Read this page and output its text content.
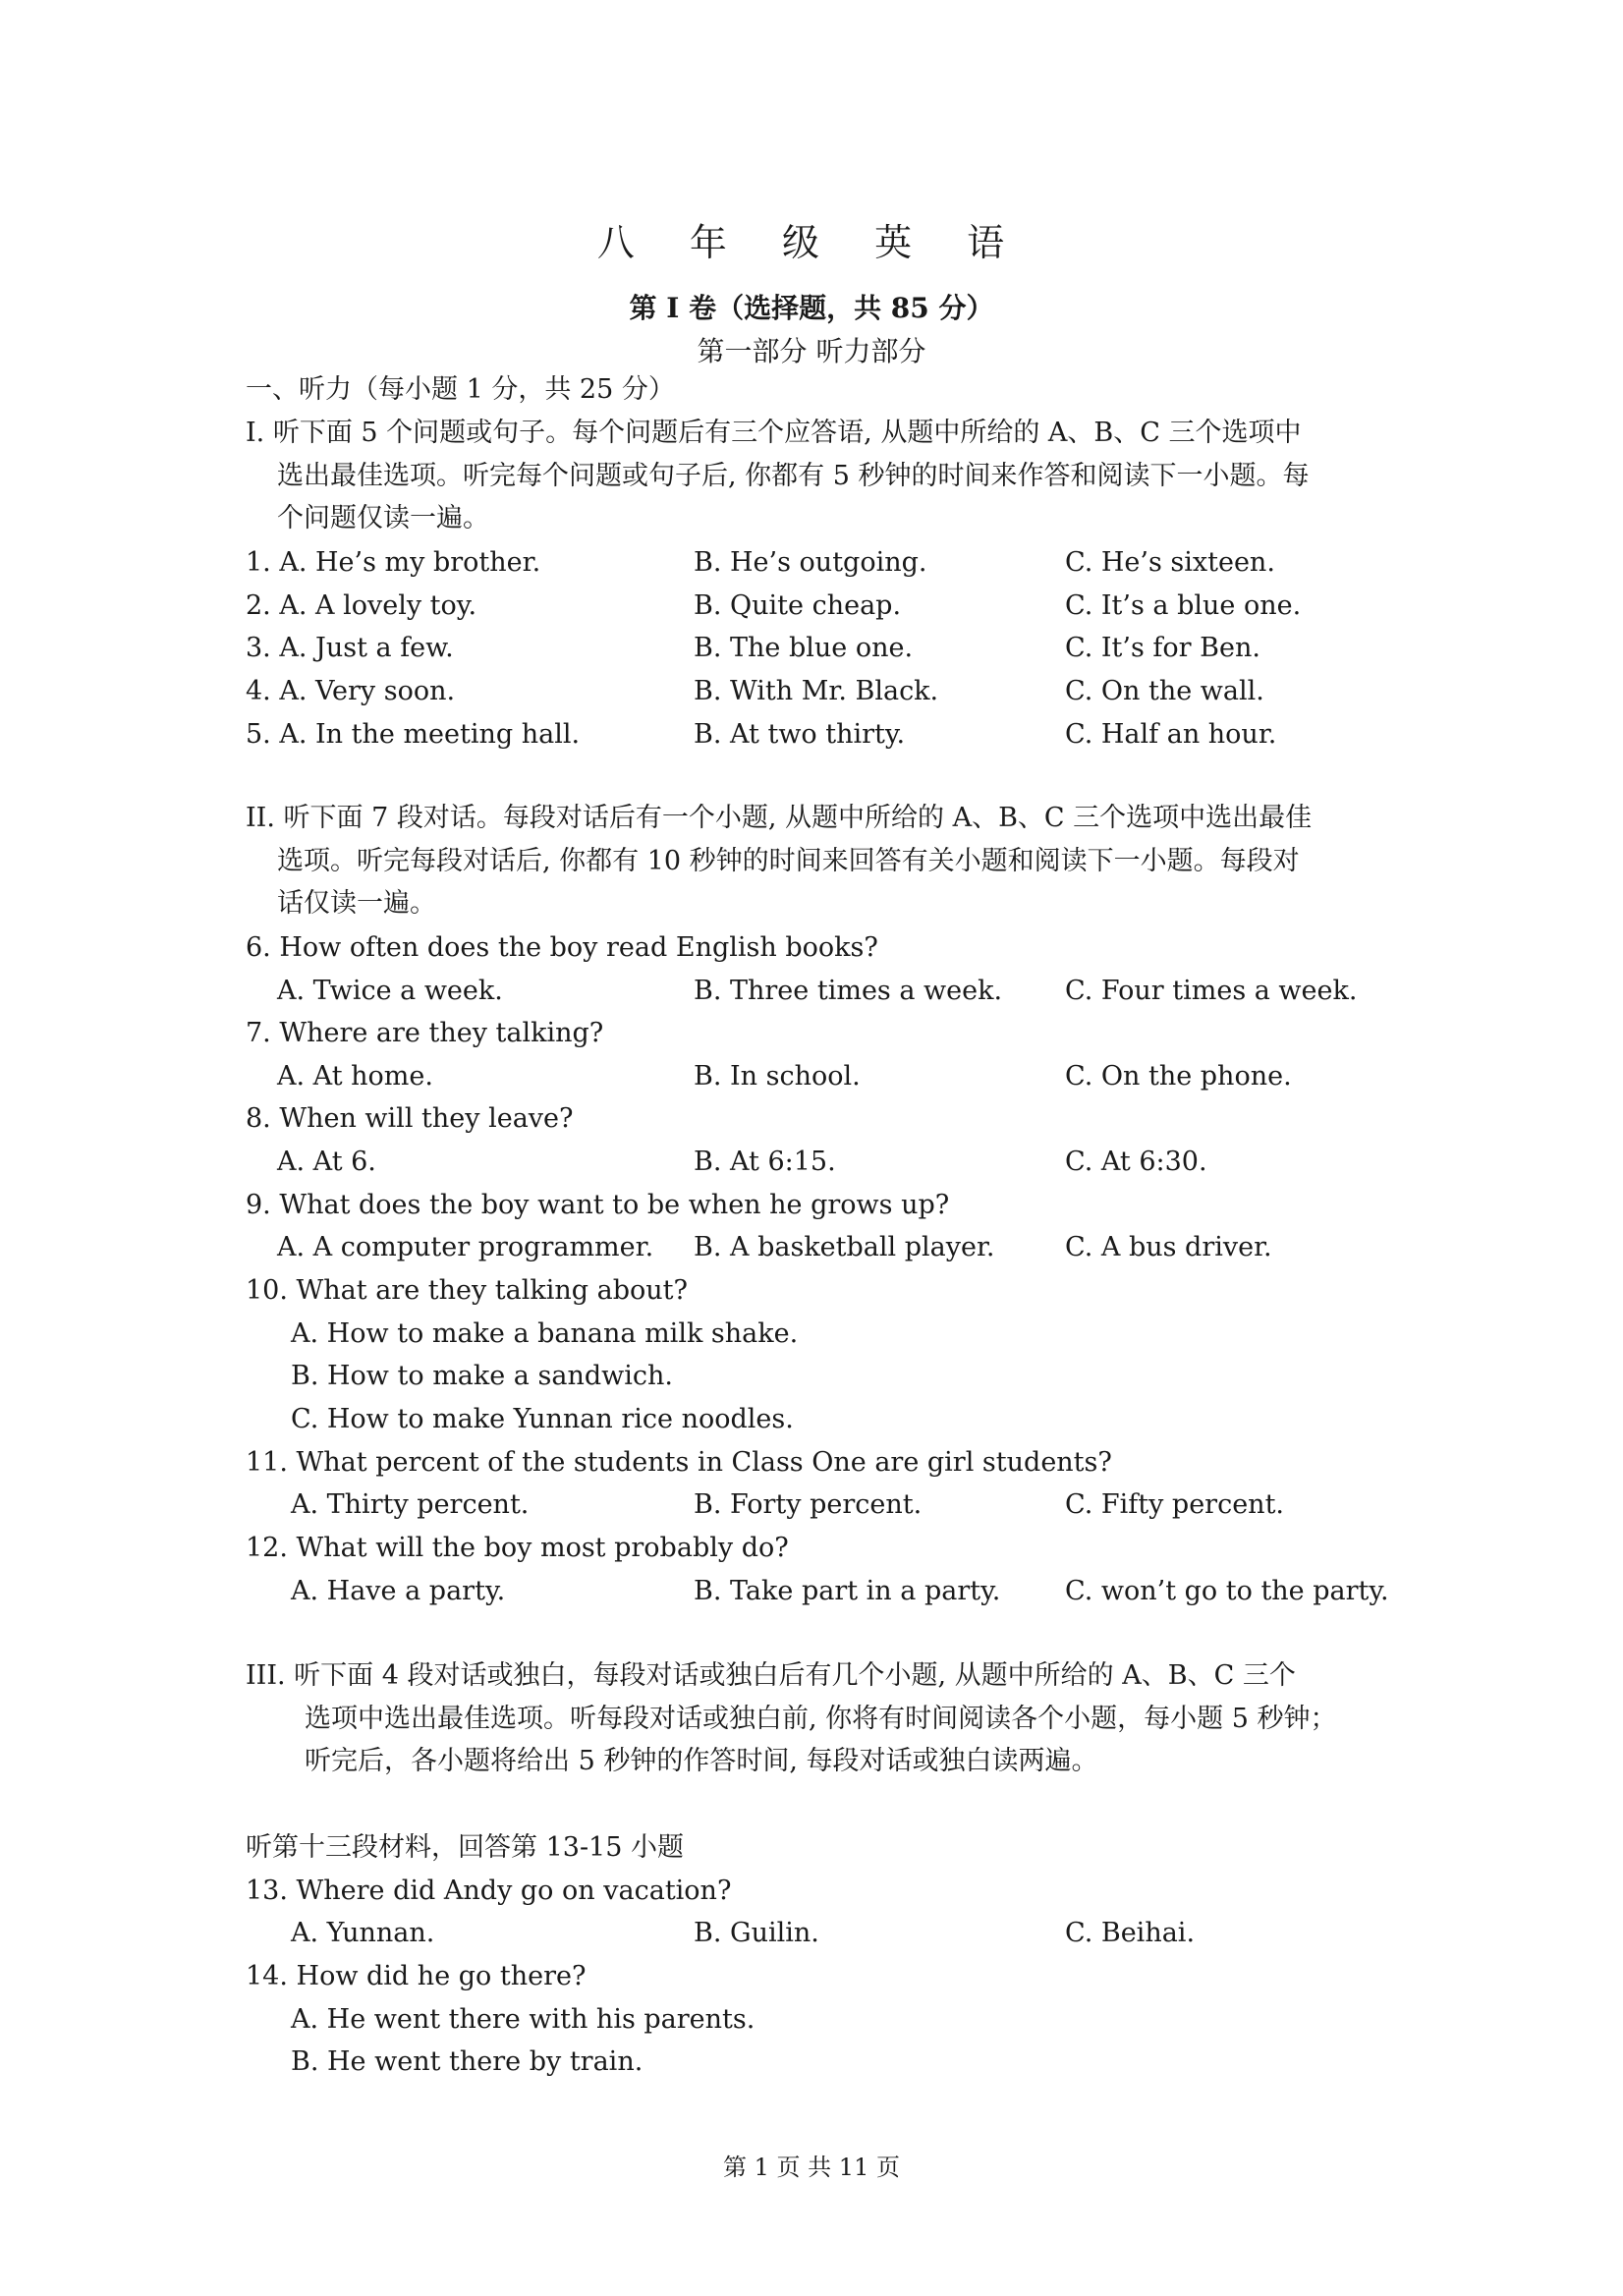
八 年 级 英 语
第 I 卷（选择题，共 85 分）
第一部分 听力部分
一、听力（每小题 1 分，共 25 分）
I. 听下面 5 个问题或句子。每个问题后有三个应答语, 从题中所给的 A、B、C 三个选项中
选出最佳选项。听完每个问题或句子后, 你都有 5 秒钟的时间来作答和阅读下一小题。每
个问题仅读一遍。
1. A. He’s my brother.	B. He’s outgoing.	C. He’s sixteen.
2. A. A lovely toy.	B. Quite cheap.	C. It’s a blue one.
3. A. Just a few.	B. The blue one.	C. It’s for Ben.
4. A. Very soon.	B. With Mr. Black.	C. On the wall.
5. A. In the meeting hall.	B. At two thirty.	C. Half an hour.
II. 听下面 7 段对话。每段对话后有一个小题, 从题中所给的 A、B、C 三个选项中选出最佳
选项。听完每段对话后, 你都有 10 秒钟的时间来回答有关小题和阅读下一小题。每段对
话仅读一遍。
6. How often does the boy read English books?
A. Twice a week.	B. Three times a week. C. Four times a week.
7. Where are they talking?
A. At home.	B. In school.	C. On the phone.
8. When will they leave?
A. At 6.	B. At 6:15.	C. At 6:30.
9. What does the boy want to be when he grows up?
A. A computer programmer. B. A basketball player.	C. A bus driver.
10. What are they talking about?
A. How to make a banana milk shake.
B. How to make a sandwich.
C. How to make Yunnan rice noodles.
11. What percent of the students in Class One are girl students?
A. Thirty percent.	B. Forty percent.	C. Fifty percent.
12. What will the boy most probably do?
A. Have a party.	B. Take part in a party. C. won’t go to the party.
III. 听下面 4 段对话或独白，每段对话或独白后有几个小题, 从题中所给的 A、B、C 三个
选项中选出最佳选项。听每段对话或独白前, 你将有时间阅读各个小题，每小题 5 秒钟；
听完后，各小题将给出 5 秒钟的作答时间, 每段对话或独白读两遍。
听第十三段材料，回答第 13-15 小题
13. Where did Andy go on vacation?
A. Yunnan.	B. Guilin.	C. Beihai.
14. How did he go there?
A. He went there with his parents.
B. He went there by train.
第 1 页 共 11 页
